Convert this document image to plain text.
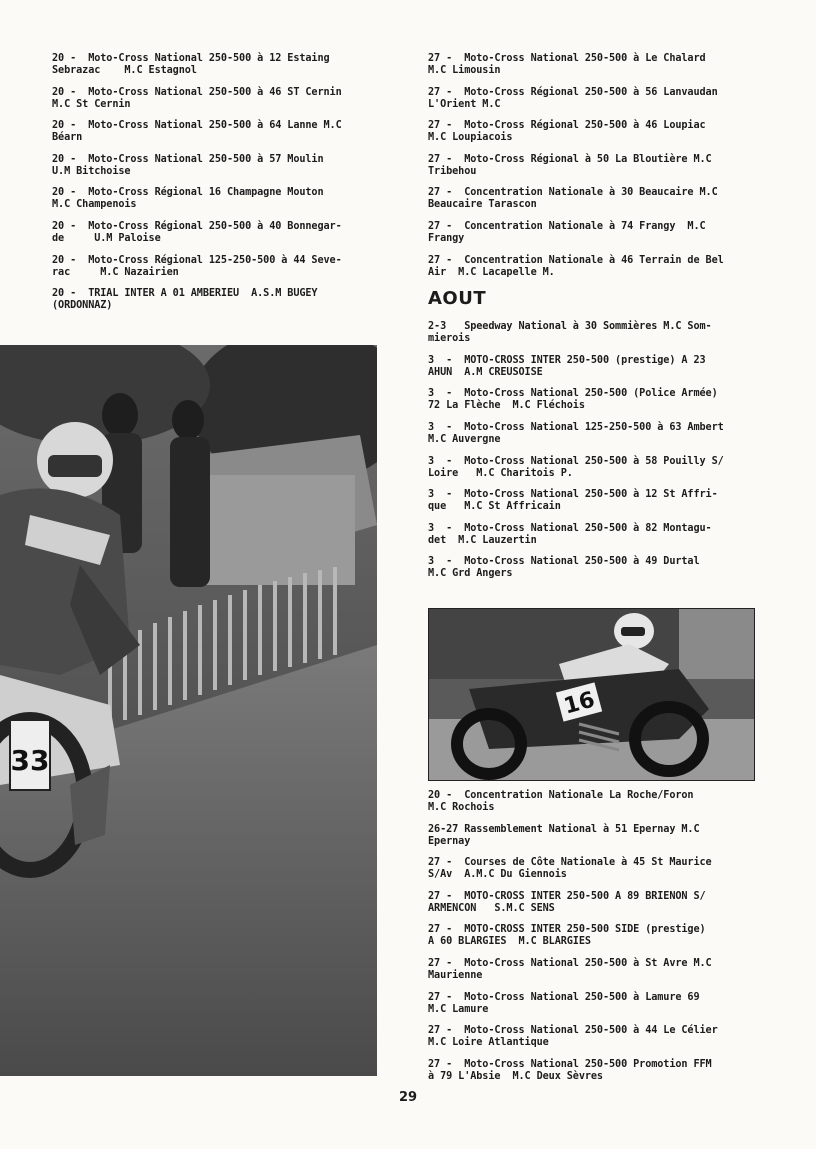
20 -  Moto-Cross National 250-500 à 12 Estaing
Sebrazac    M.C Estagnol

20 -  Moto-Cross National 250-500 à 46 ST Cernin
M.C St Cernin

20 -  Moto-Cross National 250-500 à 64 Lanne M.C
Béarn

20 -  Moto-Cross National 250-500 à 57 Moulin
U.M Bitchoise

20 -  Moto-Cross Régional 16 Champagne Mouton
M.C Champenois

20 -  Moto-Cross Régional 250-500 à 40 Bonnegar-
de     U.M Paloise

20 -  Moto-Cross Régional 125-250-500 à 44 Seve-
rac     M.C Nazairien

20 -  TRIAL INTER A 01 AMBERIEU  A.S.M BUGEY
(ORDONNAZ)

33

27 -  Moto-Cross National 250-500 à Le Chalard
M.C Limousin

27 -  Moto-Cross Régional 250-500 à 56 Lanvaudan
L'Orient M.C

27 -  Moto-Cross Régional 250-500 à 46 Loupiac
M.C Loupiacois

27 -  Moto-Cross Régional à 50 La Bloutière M.C
Tribehou

27 -  Concentration Nationale à 30 Beaucaire M.C
Beaucaire Tarascon

27 -  Concentration Nationale à 74 Frangy  M.C
Frangy

27 -  Concentration Nationale à 46 Terrain de Bel
Air  M.C Lacapelle M.

AOUT

2-3   Speedway National à 30 Sommières M.C Som-
mierois

3  -  MOTO-CROSS INTER 250-500 (prestige) A 23
AHUN  A.M CREUSOISE

3  -  Moto-Cross National 250-500 (Police Armée)
72 La Flèche  M.C Fléchois

3  -  Moto-Cross National 125-250-500 à 63 Ambert
M.C Auvergne

3  -  Moto-Cross National 250-500 à 58 Pouilly S/
Loire   M.C Charitois P.

3  -  Moto-Cross National 250-500 à 12 St Affri-
que   M.C St Affricain

3  -  Moto-Cross National 250-500 à 82 Montagu-
det  M.C Lauzertin

3  -  Moto-Cross National 250-500 à 49 Durtal
M.C Grd Angers

16

20 -  Concentration Nationale La Roche/Foron
M.C Rochois

26-27 Rassemblement National à 51 Epernay M.C
Epernay

27 -  Courses de Côte Nationale à 45 St Maurice
S/Av  A.M.C Du Giennois

27 -  MOTO-CROSS INTER 250-500 A 89 BRIENON S/
ARMENCON   S.M.C SENS

27 -  MOTO-CROSS INTER 250-500 SIDE (prestige)
A 60 BLARGIES  M.C BLARGIES

27 -  Moto-Cross National 250-500 à St Avre M.C
Maurienne

27 -  Moto-Cross National 250-500 à Lamure 69
M.C Lamure

27 -  Moto-Cross National 250-500 à 44 Le Célier
M.C Loire Atlantique

27 -  Moto-Cross National 250-500 Promotion FFM
à 79 L'Absie  M.C Deux Sèvres

29
